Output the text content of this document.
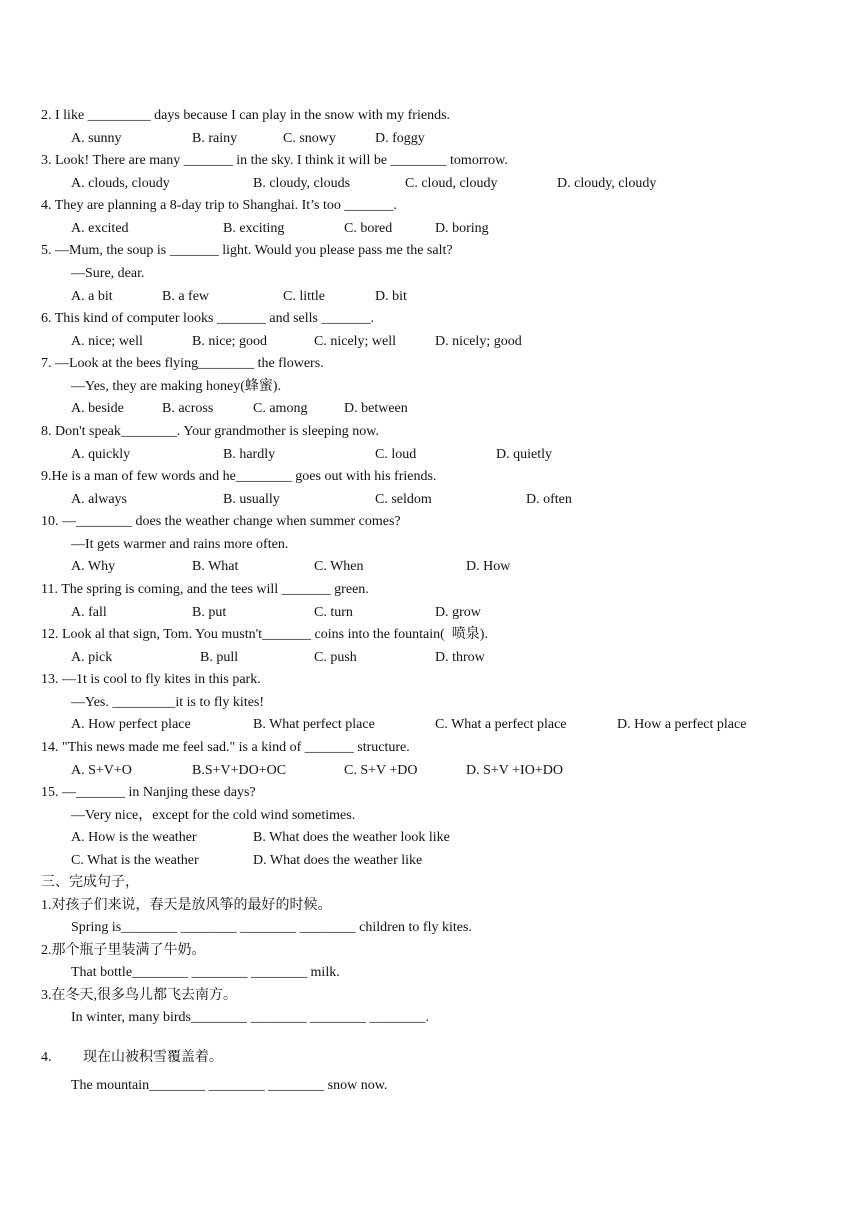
2. I like _________ days because I can play in the snow with my friends.
A. sunny	B. rainy	C. snowy	D. foggy
3. Look! There are many _______ in the sky. I think it will be ________ tomorrow.
A. clouds, cloudy	B. cloudy, clouds	C. cloud, cloudy	D. cloudy, cloudy
4. They are planning a 8-day trip to Shanghai. It’s too _______.
A. excited	B. exciting	C. bored	D. boring
5. —Mum, the soup is _______ light. Would you please pass me the salt?
—Sure, dear.
A. a bit	B. a few	C. little	D. bit
6. This kind of computer looks _______ and sells _______.
A. nice; well	B. nice; good	C. nicely; well	D. nicely; good
7. —Look at the bees flying________ the flowers.
—Yes, they are making honey(蜂蜜).
A. beside	B. across	C. among	D. between
8. Don't speak________. Your grandmother is sleeping now.
A. quickly	B. hardly	C. loud	D. quietly
9.He is a man of few words and he________ goes out with his friends.
A. always	B. usually	C. seldom	D. often
10. —________ does the weather change when summer comes?
—It gets warmer and rains more often.
A. Why	B. What	C. When	D. How
11. The spring is coming, and the tees will _______ green.
A. fall	B. put	C. turn	D. grow
12. Look al that sign, Tom. You mustn't_______ coins into the fountain(  喷泉).
A. pick	B. pull	C. push	D. throw
13. —1t is cool to fly kites in this park.
—Yes. _________it is to fly kites!
A. How perfect place	B. What perfect place	C. What a perfect place	D. How a perfect place
14. "This news made me feel sad." is a kind of _______ structure.
A. S+V+O	B.S+V+DO+OC	C. S+V +DO	D. S+V +IO+DO
15. —_______ in Nanjing these days?
—Very nice，except for the cold wind sometimes.
A. How is the weather	B. What does the weather look like
C. What is the weather	D. What does the weather like
三、完成句子，
1.对孩子们来说，春天是放风筝的最好的时候。
Spring is________ ________ ________ ________ children to fly kites.
2.那个瓶子里装满了牛奶。
That bottle________ ________ ________ milk.
3.在冬天,很多鸟儿都飞去南方。
In winter, many birds________ ________ ________ ________.
4. 现在山被积雪覆盖着。
The mountain________ ________ ________ snow now.
